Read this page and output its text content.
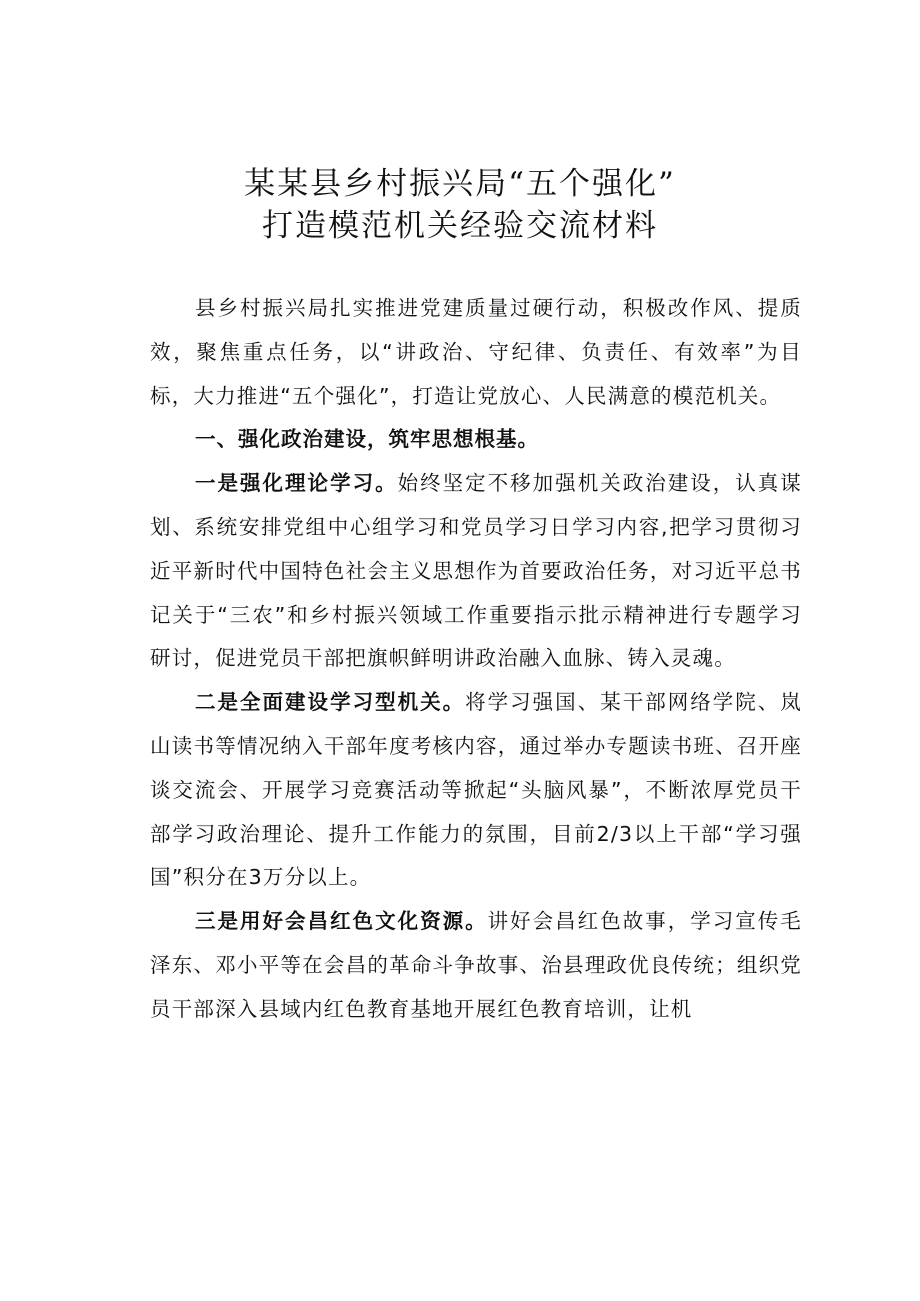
某某县乡村振兴局“五个强化”
打造模范机关经验交流材料

县乡村振兴局扎实推进党建质量过硬行动，积极改作风、提质效，聚焦重点任务，以“讲政治、守纪律、负责任、有效率”为目标，大力推进“五个强化”，打造让党放心、人民满意的模范机关。

一、强化政治建设，筑牢思想根基。

一是强化理论学习。始终坚定不移加强机关政治建设，认真谋划、系统安排党组中心组学习和党员学习日学习内容,把学习贯彻习近平新时代中国特色社会主义思想作为首要政治任务，对习近平总书记关于“三农”和乡村振兴领域工作重要指示批示精神进行专题学习研讨，促进党员干部把旗帜鲜明讲政治融入血脉、铸入灵魂。

二是全面建设学习型机关。将学习强国、某干部网络学院、岚山读书等情况纳入干部年度考核内容，通过举办专题读书班、召开座谈交流会、开展学习竞赛活动等掀起“头脑风暴”，不断浓厚党员干部学习政治理论、提升工作能力的氛围，目前2/3以上干部“学习强国”积分在3万分以上。

三是用好会昌红色文化资源。讲好会昌红色故事，学习宣传毛泽东、邓小平等在会昌的革命斗争故事、治县理政优良传统；组织党员干部深入县域内红色教育基地开展红色教育培训，让机
